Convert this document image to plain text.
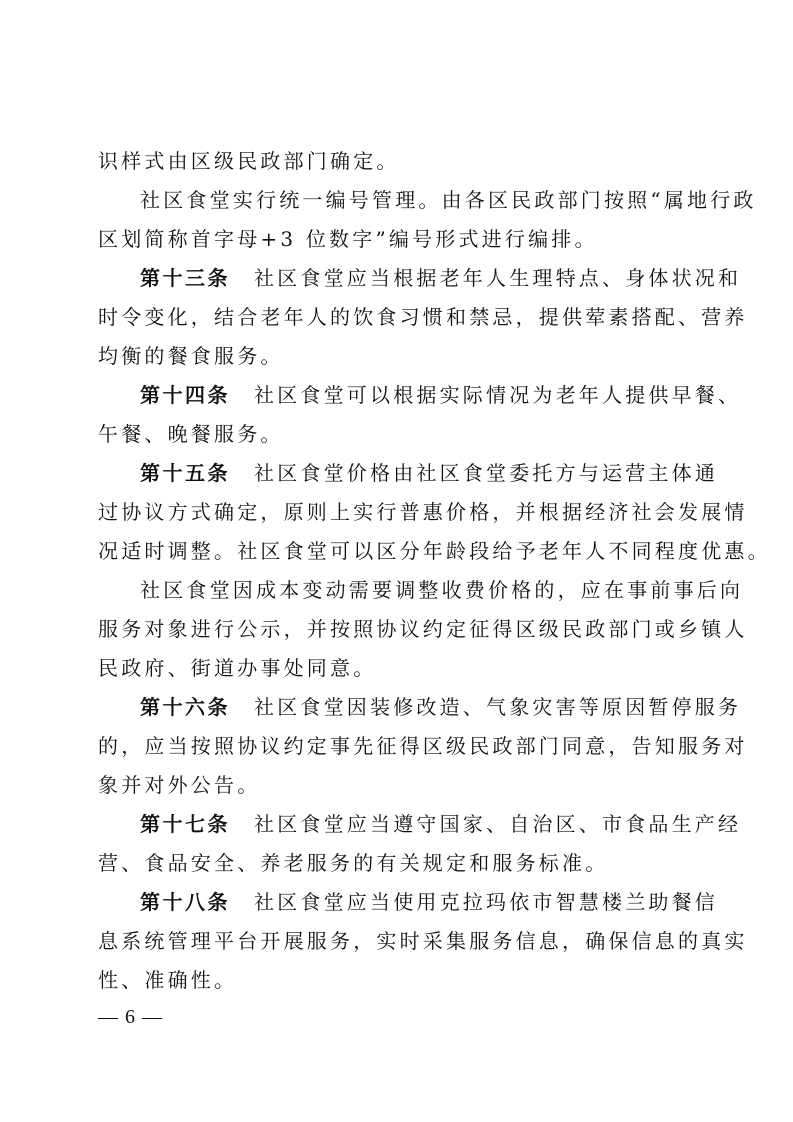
识样式由区级民政部门确定。
社区食堂实行统一编号管理。由各区民政部门按照“属地行政
区划简称首字母+3 位数字”编号形式进行编排。
第十三条 社区食堂应当根据老年人生理特点、身体状况和
时令变化，结合老年人的饮食习惯和禁忌，提供荤素搭配、营养
均衡的餐食服务。
第十四条 社区食堂可以根据实际情况为老年人提供早餐、
午餐、晚餐服务。
第十五条 社区食堂价格由社区食堂委托方与运营主体通
过协议方式确定，原则上实行普惠价格，并根据经济社会发展情
况适时调整。社区食堂可以区分年龄段给予老年人不同程度优惠。
社区食堂因成本变动需要调整收费价格的，应在事前事后向
服务对象进行公示，并按照协议约定征得区级民政部门或乡镇人
民政府、街道办事处同意。
第十六条 社区食堂因装修改造、气象灾害等原因暂停服务
的，应当按照协议约定事先征得区级民政部门同意，告知服务对
象并对外公告。
第十七条 社区食堂应当遵守国家、自治区、市食品生产经
营、食品安全、养老服务的有关规定和服务标准。
第十八条 社区食堂应当使用克拉玛依市智慧楼兰助餐信
息系统管理平台开展服务，实时采集服务信息，确保信息的真实
性、准确性。
— 6 —
